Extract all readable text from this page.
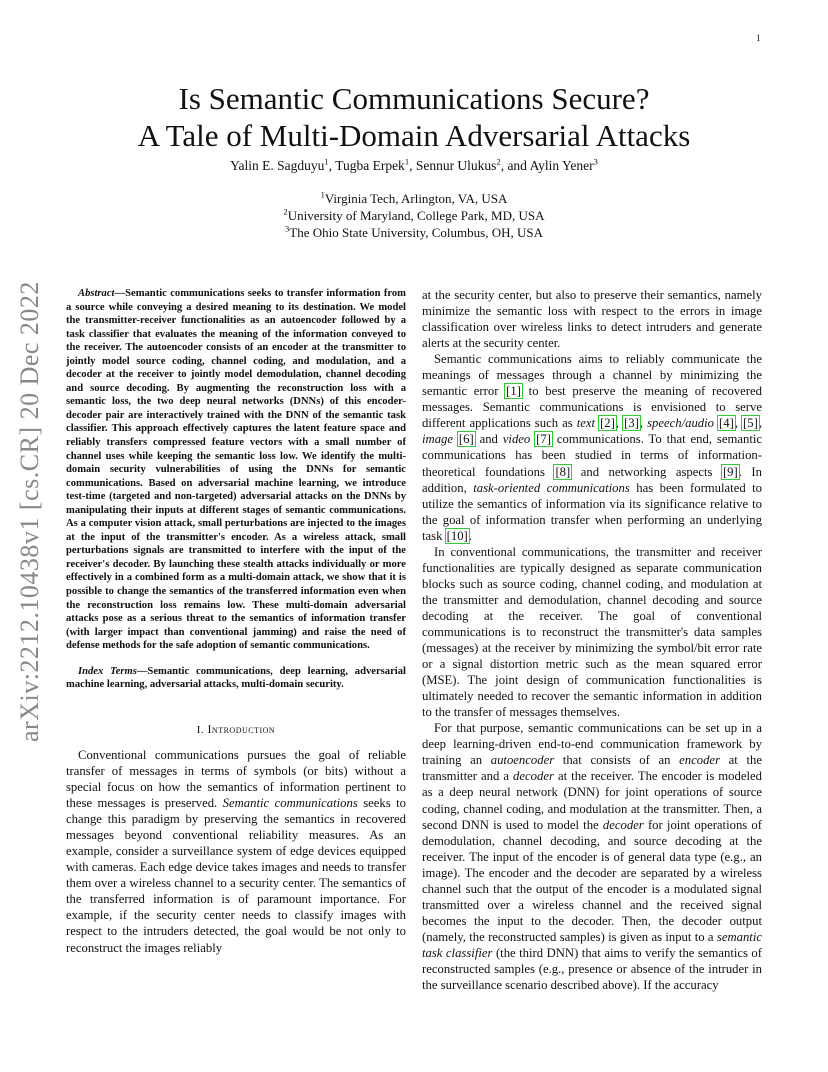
1
arXiv:2212.10438v1 [cs.CR] 20 Dec 2022
Is Semantic Communications Secure?
A Tale of Multi-Domain Adversarial Attacks
Yalin E. Sagduyu$^1$, Tugba Erpek$^1$, Sennur Ulukus$^2$, and Aylin Yener$^3$
$^1$Virginia Tech, Arlington, VA, USA
$^2$University of Maryland, College Park, MD, USA
$^3$The Ohio State University, Columbus, OH, USA

Abstract—Semantic communications seeks to transfer information from a source while conveying a desired meaning to its destination. We model the transmitter-receiver functionalities as an autoencoder followed by a task classifier that evaluates the meaning of the information conveyed to the receiver. The autoencoder consists of an encoder at the transmitter to jointly model source coding, channel coding, and modulation, and a decoder at the receiver to jointly model demodulation, channel decoding and source decoding. By augmenting the reconstruction loss with a semantic loss, the two deep neural networks (DNNs) of this encoder-decoder pair are interactively trained with the DNN of the semantic task classifier. This approach effectively captures the latent feature space and reliably transfers compressed feature vectors with a small number of channel uses while keeping the semantic loss low. We identify the multi-domain security vulnerabilities of using the DNNs for semantic communications. Based on adversarial machine learning, we introduce test-time (targeted and non-targeted) adversarial attacks on the DNNs by manipulating their inputs at different stages of semantic communications. As a computer vision attack, small perturbations are injected to the images at the input of the transmitter's encoder. As a wireless attack, small perturbations signals are transmitted to interfere with the input of the receiver's decoder. By launching these stealth attacks individually or more effectively in a combined form as a multi-domain attack, we show that it is possible to change the semantics of the transferred information even when the reconstruction loss remains low. These multi-domain adversarial attacks pose as a serious threat to the semantics of information transfer (with larger impact than conventional jamming) and raise the need of defense methods for the safe adoption of semantic communications.

Index Terms—Semantic communications, deep learning, adversarial machine learning, adversarial attacks, multi-domain security.

I. Introduction

Conventional communications pursues the goal of reliable transfer of messages in terms of symbols (or bits) without a special focus on how the semantics of information pertinent to these messages is preserved. Semantic communications seeks to change this paradigm by preserving the semantics in recovered messages beyond conventional reliability measures. As an example, consider a surveillance system of edge devices equipped with cameras. Each edge device takes images and needs to transfer them over a wireless channel to a security center. The semantics of the transferred information is of paramount importance. For example, if the security center needs to classify images with respect to the intruders detected, the goal would be not only to reconstruct the images reliably

at the security center, but also to preserve their semantics, namely minimize the semantic loss with respect to the errors in image classification over wireless links to detect intruders and generate alerts at the security center.

Semantic communications aims to reliably communicate the meanings of messages through a channel by minimizing the semantic error [1] to best preserve the meaning of recovered messages. Semantic communications is envisioned to serve different applications such as text [2], [3], speech/audio [4], [5], image [6] and video [7] communications. To that end, semantic communications has been studied in terms of information-theoretical foundations [8] and networking aspects [9]. In addition, task-oriented communications has been formulated to utilize the semantics of information via its significance relative to the goal of information transfer when performing an underlying task [10].

In conventional communications, the transmitter and receiver functionalities are typically designed as separate communication blocks such as source coding, channel coding, and modulation at the transmitter and demodulation, channel decoding and source decoding at the receiver. The goal of conventional communications is to reconstruct the transmitter's data samples (messages) at the receiver by minimizing the symbol/bit error rate or a signal distortion metric such as the mean squared error (MSE). The joint design of communication functionalities is ultimately needed to recover the semantic information in addition to the transfer of messages themselves.

For that purpose, semantic communications can be set up in a deep learning-driven end-to-end communication framework by training an autoencoder that consists of an encoder at the transmitter and a decoder at the receiver. The encoder is modeled as a deep neural network (DNN) for joint operations of source coding, channel coding, and modulation at the transmitter. Then, a second DNN is used to model the decoder for joint operations of demodulation, channel decoding, and source decoding at the receiver. The input of the encoder is of general data type (e.g., an image). The encoder and the decoder are separated by a wireless channel such that the output of the encoder is a modulated signal transmitted over a wireless channel and the received signal becomes the input to the decoder. Then, the decoder output (namely, the reconstructed samples) is given as input to a semantic task classifier (the third DNN) that aims to verify the semantics of reconstructed samples (e.g., presence or absence of the intruder in the surveillance scenario described above). If the accuracy
